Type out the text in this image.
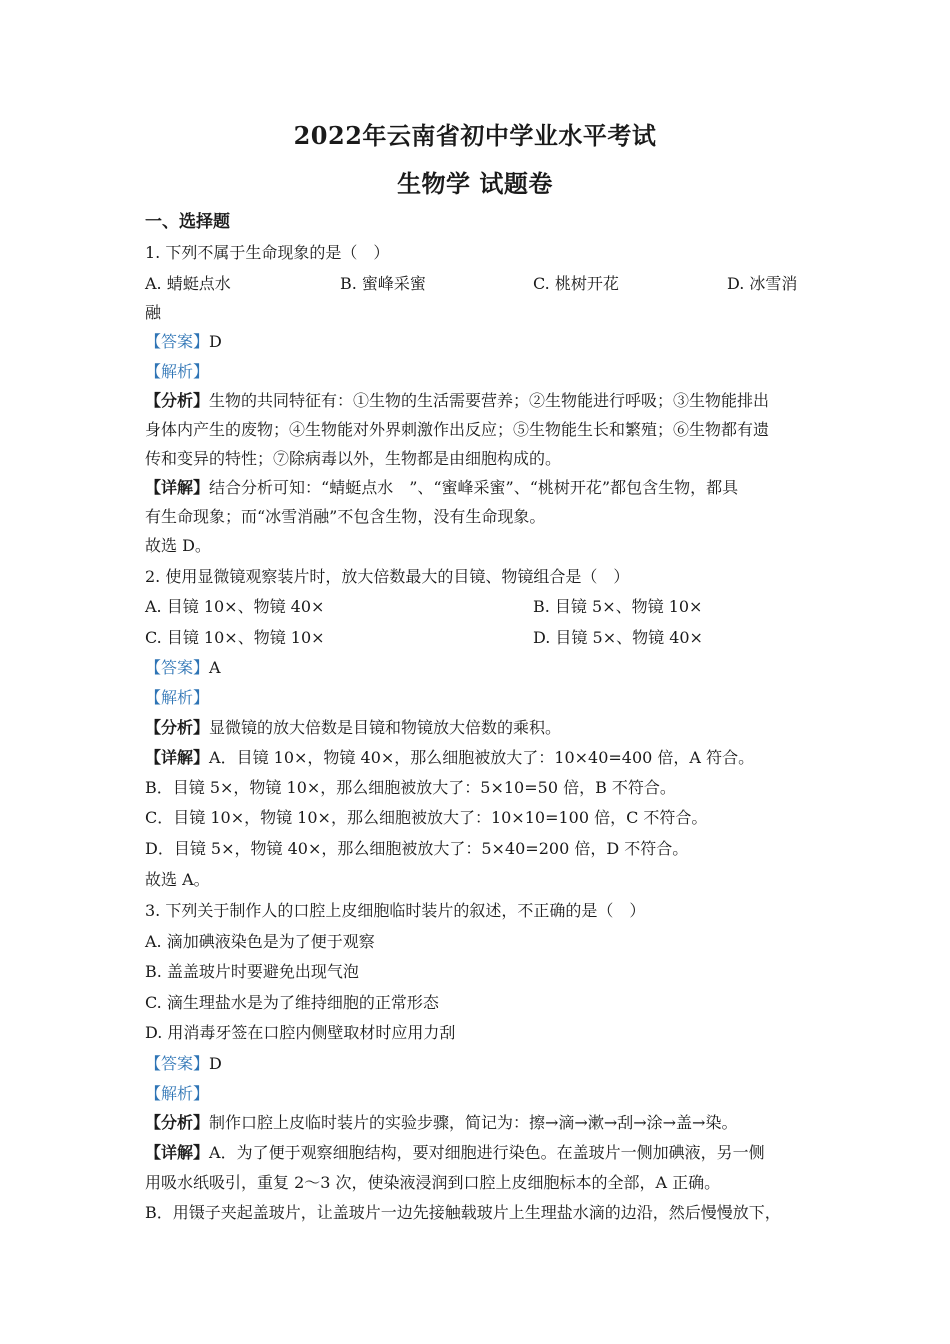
2022年云南省初中学业水平考试
生物学 试题卷
一、选择题
1. 下列不属于生命现象的是（　）
A. 蜻蜓点水	B. 蜜峰采蜜	C. 桃树开花	D. 冰雪消
融
【答案】D
【解析】
【分析】生物的共同特征有：①生物的生活需要营养；②生物能进行呼吸；③生物能排出
身体内产生的废物；④生物能对外界刺激作出反应；⑤生物能生长和繁殖；⑥生物都有遗
传和变异的特性；⑦除病毒以外，生物都是由细胞构成的。
【详解】结合分析可知：“蜻蜓点水　”、“蜜峰采蜜”、“桃树开花”都包含生物，都具
有生命现象；而“冰雪消融”不包含生物，没有生命现象。
故选 D。
2. 使用显微镜观察装片时，放大倍数最大的目镜、物镜组合是（　）
A. 目镜 10×、物镜 40×	B. 目镜 5×、物镜 10×
C. 目镜 10×、物镜 10×	D. 目镜 5×、物镜 40×
【答案】A
【解析】
【分析】显微镜的放大倍数是目镜和物镜放大倍数的乘积。
【详解】A．目镜 10×，物镜 40×，那么细胞被放大了：10×40=400 倍，A 符合。
B．目镜 5×，物镜 10×，那么细胞被放大了：5×10=50 倍，B 不符合。
C．目镜 10×，物镜 10×，那么细胞被放大了：10×10=100 倍，C 不符合。
D．目镜 5×，物镜 40×，那么细胞被放大了：5×40=200 倍，D 不符合。
故选 A。
3. 下列关于制作人的口腔上皮细胞临时装片的叙述，不正确的是（　）
A. 滴加碘液染色是为了便于观察
B. 盖盖玻片时要避免出现气泡
C. 滴生理盐水是为了维持细胞的正常形态
D. 用消毒牙签在口腔内侧壁取材时应用力刮
【答案】D
【解析】
【分析】制作口腔上皮临时装片的实验步骤，简记为：擦→滴→漱→刮→涂→盖→染。
【详解】A．为了便于观察细胞结构，要对细胞进行染色。在盖玻片一侧加碘液，另一侧
用吸水纸吸引，重复 2～3 次，使染液浸润到口腔上皮细胞标本的全部，A 正确。
B．用镊子夹起盖玻片，让盖玻片一边先接触载玻片上生理盐水滴的边沿，然后慢慢放下，
